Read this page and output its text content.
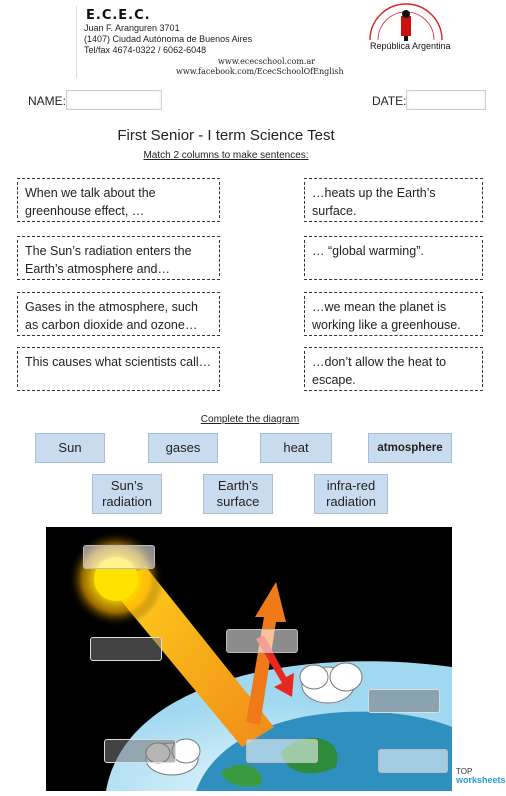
E.C.E.C.
Juan F. Aranguren 3701
(1407) Ciudad Autónoma de Buenos Aires
Tel/fax 4674-0322 / 6062-6048
www.ececschool.com.ar
www.facebook.com/EcecSchoolOfEnglish
República Argentina
NAME:	DATE:
First Senior - I term Science Test
Match 2 columns to make sentences:
When we talk about the greenhouse effect, …
The Sun’s radiation enters the Earth’s atmosphere and…
Gases in the atmosphere, such as carbon dioxide and ozone…
This causes what scientists call…
…heats up the Earth’s surface.
… “global warming”.
…we mean the planet is working like a greenhouse.
…don’t allow the heat to escape.
Complete the diagram
Sun	gases	heat	atmosphere
Sun’s radiation
Earth’s surface
infra-red radiation
TOP
worksheets
